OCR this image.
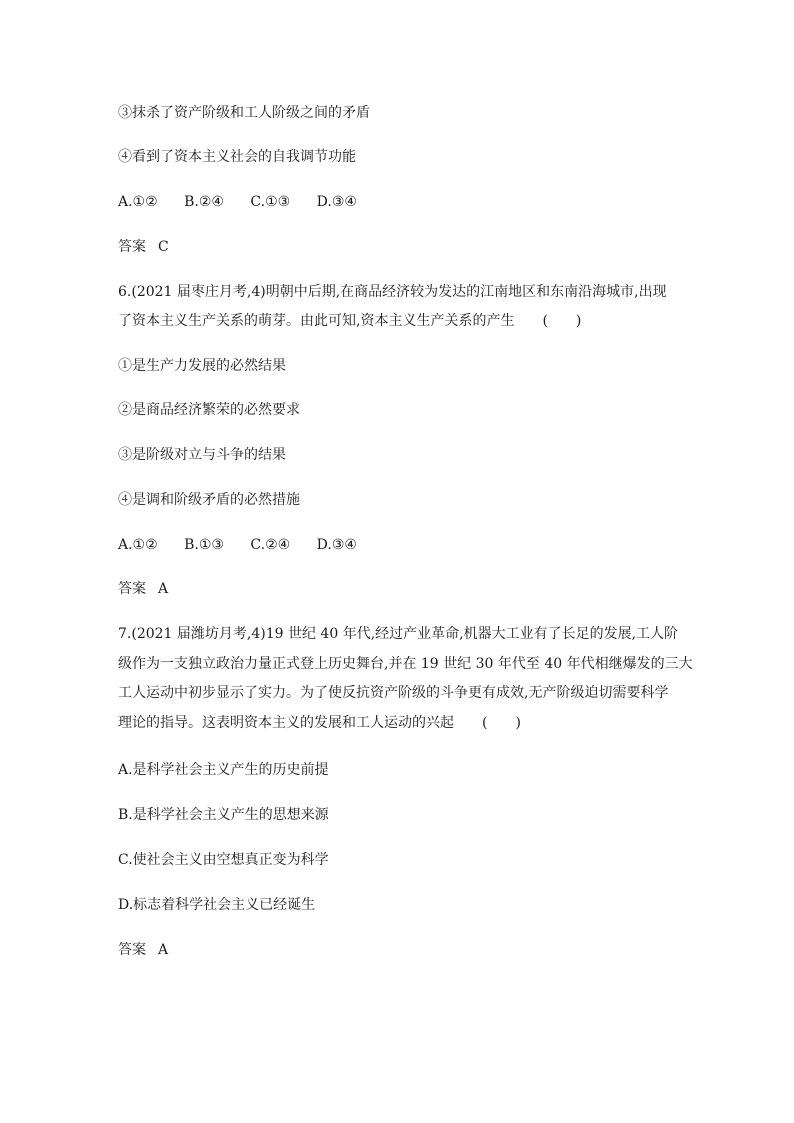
③抹杀了资产阶级和工人阶级之间的矛盾
④看到了资本主义社会的自我调节功能
A.①② B.②④ C.①③ D.③④
答案 C
6.(2021 届枣庄月考,4)明朝中后期,在商品经济较为发达的江南地区和东南沿海城市,出现
了资本主义生产关系的萌芽。由此可知,资本主义生产关系的产生　　(　　)
①是生产力发展的必然结果
②是商品经济繁荣的必然要求
③是阶级对立与斗争的结果
④是调和阶级矛盾的必然措施
A.①② B.①③ C.②④ D.③④
答案 A
7.(2021 届潍坊月考,4)19 世纪 40 年代,经过产业革命,机器大工业有了长足的发展,工人阶
级作为一支独立政治力量正式登上历史舞台,并在 19 世纪 30 年代至 40 年代相继爆发的三大
工人运动中初步显示了实力。为了使反抗资产阶级的斗争更有成效,无产阶级迫切需要科学
理论的指导。这表明资本主义的发展和工人运动的兴起　　(　　)
A.是科学社会主义产生的历史前提
B.是科学社会主义产生的思想来源
C.使社会主义由空想真正变为科学
D.标志着科学社会主义已经诞生
答案 A
